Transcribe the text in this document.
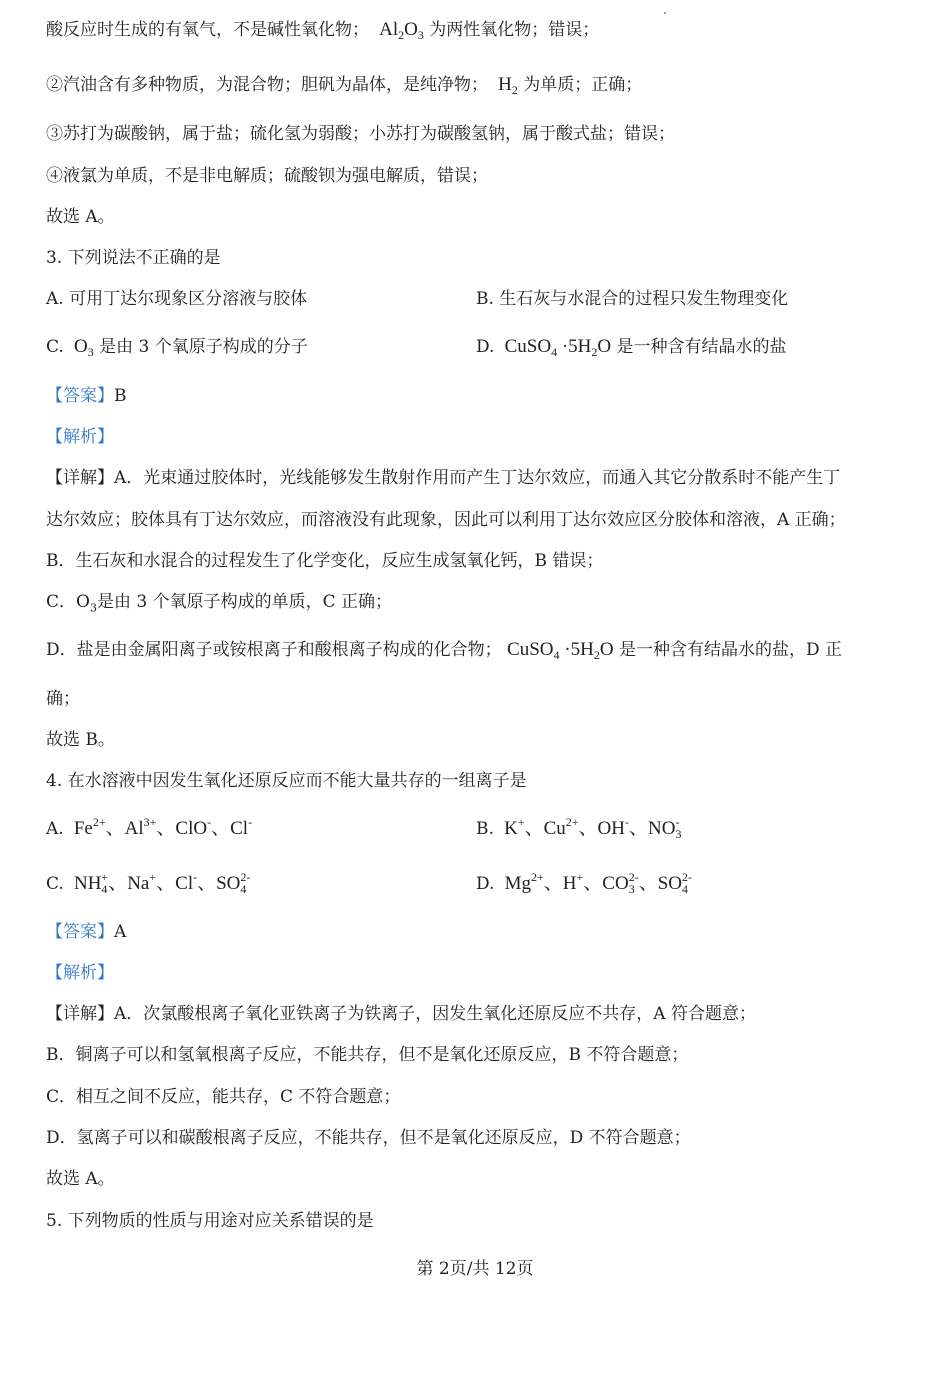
酸反应时生成的有氧气，不是碱性氧化物；  $Al_2O_3$ 为两性氧化物；错误；
②汽油含有多种物质，为混合物；胆矾为晶体，是纯净物；  $H_2$ 为单质；正确；
③苏打为碳酸钠，属于盐；硫化氢为弱酸；小苏打为碳酸氢钠，属于酸式盐；错误；
④液氯为单质，不是非电解质；硫酸钡为强电解质，错误；
故选 A。
3. 下列说法不正确的是
A. 可用丁达尔现象区分溶液与胶体	B. 生石灰与水混合的过程只发生物理变化
C.  $O_3$ 是由 3 个氧原子构成的分子	D.  CuSO$_4$ $\cdot 5H_2O$ 是一种含有结晶水的盐
【答案】B
【解析】
【详解】A．光束通过胶体时，光线能够发生散射作用而产生丁达尔效应，而通入其它分散系时不能产生丁
达尔效应；胶体具有丁达尔效应，而溶液没有此现象，因此可以利用丁达尔效应区分胶体和溶液，A 正确；
B．生石灰和水混合的过程发生了化学变化，反应生成氢氧化钙，B 错误；
C．$O_3$是由 3 个氧原子构成的单质，C 正确；
D．盐是由金属阳离子或铵根离子和酸根离子构成的化合物； CuSO$_4$ $\cdot 5H_2O$ 是一种含有结晶水的盐，D 正
确；
故选 B。
4. 在水溶液中因发生氧化还原反应而不能大量共存的一组离子是
A.  $Fe^{2+}$、$Al^{3+}$、ClO-、Cl-	B.  K+、$Cu^{2+}$、OH-、$NO_3^-$
C.  $NH_4^+$、Na+、Cl-、$SO_4^{2-}$	D.  $Mg^{2+}$、H+、$CO_3^{2-}$、$SO_4^{2-}$
【答案】A
【解析】
【详解】A．次氯酸根离子氧化亚铁离子为铁离子，因发生氧化还原反应不共存，A 符合题意；
B．铜离子可以和氢氧根离子反应，不能共存，但不是氧化还原反应，B 不符合题意；
C．相互之间不反应，能共存，C 不符合题意；
D．氢离子可以和碳酸根离子反应，不能共存，但不是氧化还原反应，D 不符合题意；
故选 A。
5. 下列物质的性质与用途对应关系错误的是
第 2页/共 12页
